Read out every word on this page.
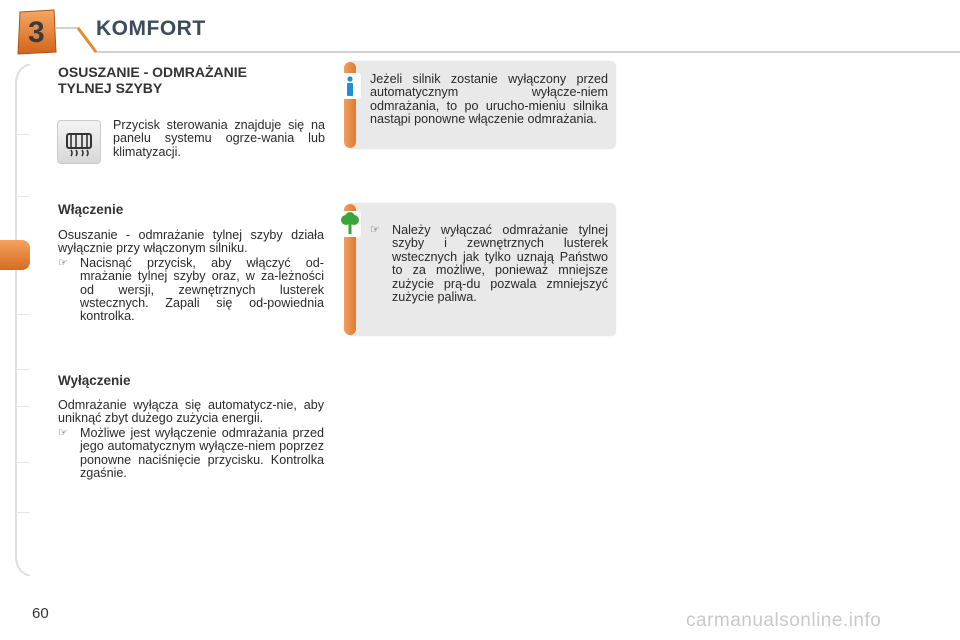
3 KOMFORT
OSUSZANIE - ODMRAŻANIE
TYLNEJ SZYBY
Przycisk sterowania znajduje się na panelu systemu ogrze-wania lub klimatyzacji.
Włączenie
Osuszanie - odmrażanie tylnej szyby działa wyłącznie przy włączonym silniku.
☞ Nacisnąć przycisk, aby włączyć od-mrażanie tylnej szyby oraz, w za-leżności od wersji, zewnętrznych lusterek wstecznych. Zapali się od-powiednia kontrolka.
Wyłączenie
Odmrażanie wyłącza się automatycz-nie, aby uniknąć zbyt dużego zużycia energii.
☞ Możliwe jest wyłączenie odmrażania przed jego automatycznym wyłącze-niem poprzez ponowne naciśnięcie przycisku. Kontrolka zgaśnie.
Jeżeli silnik zostanie wyłączony przed automatycznym wyłącze-niem odmrażania, to po urucho-mieniu silnika nastąpi ponowne włączenie odmrażania.
☞ Należy wyłączać odmrażanie tylnej szyby i zewnętrznych lusterek wstecznych jak tylko uznają Państwo to za możliwe, ponieważ mniejsze zużycie prą-du pozwala zmniejszyć zużycie paliwa.
60	carmanualsonline.info
